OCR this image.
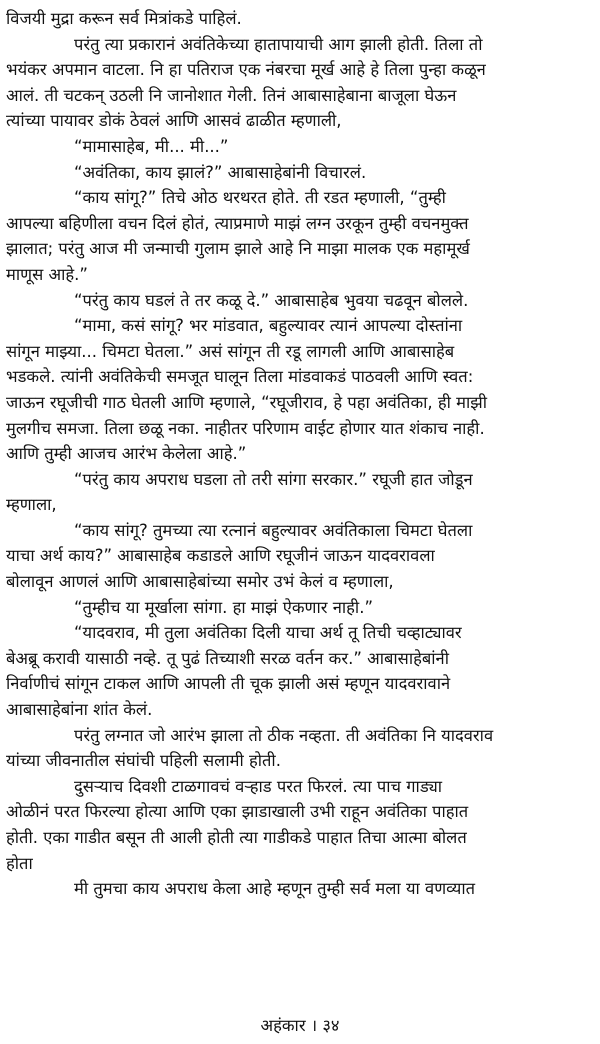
विजयी मुद्रा करून सर्व मित्रांकडे पाहिलं.
परंतु त्या प्रकारानं अवंतिकेच्या हातापायाची आग झाली होती. तिला तो
भयंकर अपमान वाटला. नि हा पतिराज एक नंबरचा मूर्ख आहे हे तिला पुन्हा कळून
आलं. ती चटकन् उठली नि जानोशात गेली. तिनं आबासाहेबाना बाजूला घेऊन
त्यांच्या पायावर डोकं ठेवलं आणि आसवं ढाळीत म्हणाली,
“मामासाहेब, मी... मी...”
“अवंतिका, काय झालं?” आबासाहेबांनी विचारलं.
“काय सांगू?” तिचे ओठ थरथरत होते. ती रडत म्हणाली, “तुम्ही
आपल्या बहिणीला वचन दिलं होतं, त्याप्रमाणे माझं लग्न उरकून तुम्ही वचनमुक्त
झालात; परंतु आज मी जन्माची गुलाम झाले आहे नि माझा मालक एक महामूर्ख
माणूस आहे.”
“परंतु काय घडलं ते तर कळू दे.” आबासाहेब भुवया चढवून बोलले.
“मामा, कसं सांगू? भर मांडवात, बहुल्यावर त्यानं आपल्या दोस्तांना
सांगून माझ्या... चिमटा घेतला.” असं सांगून ती रडू लागली आणि आबासाहेब
भडकले. त्यांनी अवंतिकेची समजूत घालून तिला मांडवाकडं पाठवली आणि स्वत:
जाऊन रघूजीची गाठ घेतली आणि म्हणाले, “रघूजीराव, हे पहा अवंतिका, ही माझी
मुलगीच समजा. तिला छळू नका. नाहीतर परिणाम वाईट होणार यात शंकाच नाही.
आणि तुम्ही आजच आरंभ केलेला आहे.”
“परंतु काय अपराध घडला तो तरी सांगा सरकार.” रघूजी हात जोडून
म्हणाला,
“काय सांगू? तुमच्या त्या रत्नानं बहुल्यावर अवंतिकाला चिमटा घेतला
याचा अर्थ काय?” आबासाहेब कडाडले आणि रघूजीनं जाऊन यादवरावला
बोलावून आणलं आणि आबासाहेबांच्या समोर उभं केलं व म्हणाला,
“तुम्हीच या मूर्खाला सांगा. हा माझं ऐकणार नाही.”
“यादवराव, मी तुला अवंतिका दिली याचा अर्थ तू तिची चव्हाट्यावर
बेअब्रू करावी यासाठी नव्हे. तू पुढं तिच्याशी सरळ वर्तन कर.” आबासाहेबांनी
निर्वाणीचं सांगून टाकल आणि आपली ती चूक झाली असं म्हणून यादवरावाने
आबासाहेबांना शांत केलं.
परंतु लग्नात जो आरंभ झाला तो ठीक नव्हता. ती अवंतिका नि यादवराव
यांच्या जीवनातील संघांची पहिली सलामी होती.
दुसऱ्याच दिवशी टाळगावचं वऱ्हाड परत फिरलं. त्या पाच गाड्या
ओळीनं परत फिरल्या होत्या आणि एका झाडाखाली उभी राहून अवंतिका पाहात
होती. एका गाडीत बसून ती आली होती त्या गाडीकडे पाहात तिचा आत्मा बोलत
होता
मी तुमचा काय अपराध केला आहे म्हणून तुम्ही सर्व मला या वणव्यात
अहंकार । ३४
